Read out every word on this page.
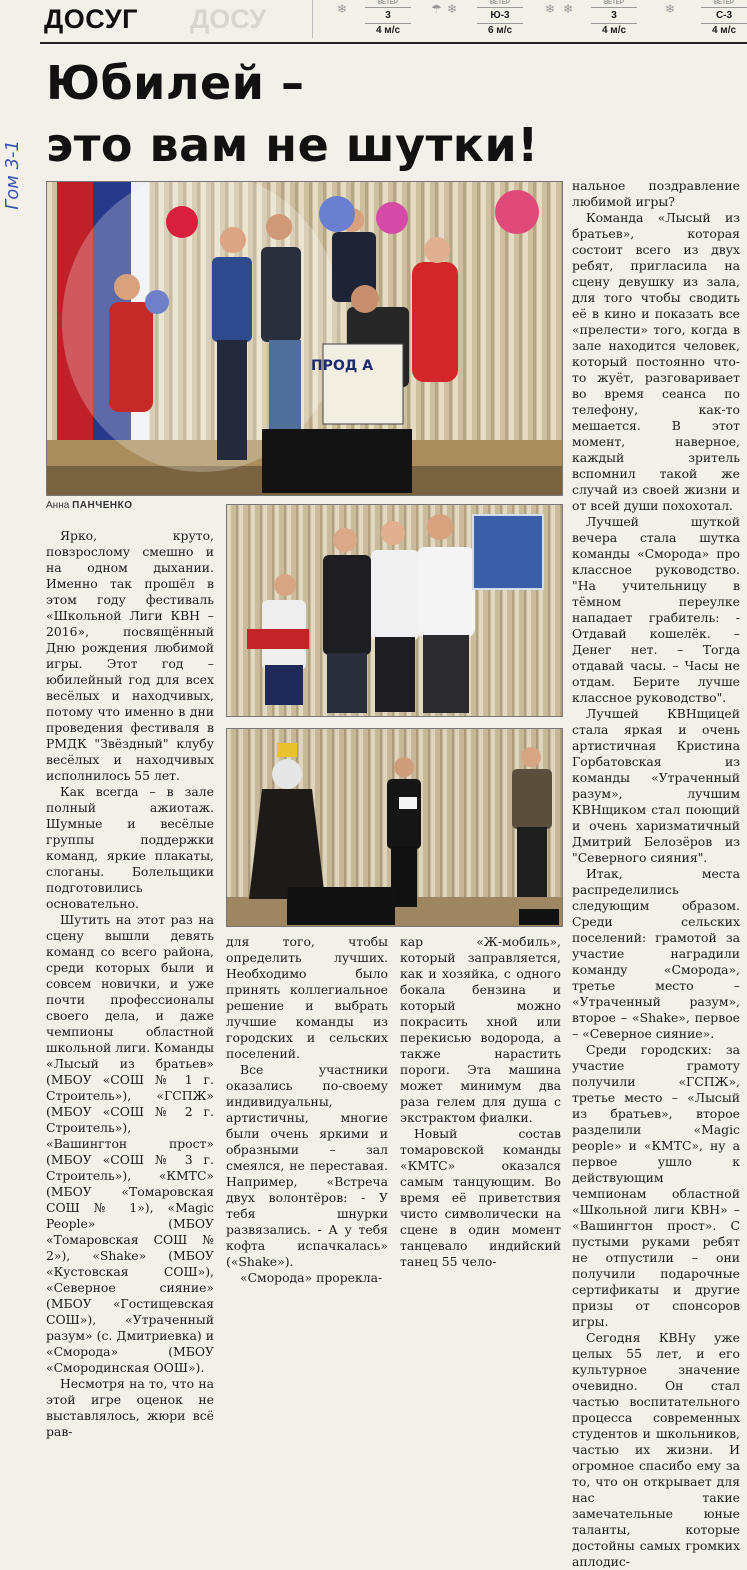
ДОСУГ ДОСУ	❄	ВЕТЕР
3
4 м/с
☂ ❄	ВЕТЕР
Ю-3
6 м/с
❄ ❄	ВЕТЕР
3
4 м/с
❄	ВЕТЕР
С-3
4 м/с
Гом 3-1
Юбилей –
это вам не шутки!
ПРОД А
Анна ПАНЧЕНКО

Ярко, круто, повзрослому смешно и на одном дыхании. Именно так прошёл в этом году фестиваль «Школьной Лиги КВН – 2016», посвящённый Дню рождения любимой игры. Этот год – юбилейный год для всех весёлых и находчивых, потому что именно в дни проведения фестиваля в РМДК "Звёздный" клубу весёлых и находчивых исполнилось 55 лет.

Как всегда – в зале полный ажиотаж. Шумные и весёлые группы поддержки команд, яркие плакаты, слоганы. Болельщики подготовились основательно.

Шутить на этот раз на сцену вышли девять команд со всего района, среди которых были и совсем новички, и уже почти профессионалы своего дела, и даже чемпионы областной школьной лиги. Команды «Лысый из братьев» (МБОУ «СОШ № 1 г. Строитель»), «ГСПЖ» (МБОУ «СОШ № 2 г. Строитель»), «Вашингтон прост» (МБОУ «СОШ № 3 г. Строитель»), «КМТС» (МБОУ «Томаровская СОШ № 1»), «Magic People» (МБОУ «Томаровская СОШ № 2»), «Shake» (МБОУ «Кустовская СОШ»), «Северное сияние» (МБОУ «Гостищевская СОШ»), «Утраченный разум» (с. Дмитриевка) и «Сморода» (МБОУ «Смородинская ООШ»).

Несмотря на то, что на этой игре оценок не выставлялось, жюри всё рав-

для того, чтобы определить лучших. Необходимо было принять коллегиальное решение и выбрать лучшие команды из городских и сельских поселений.

Все участники оказались по-своему индивидуальны, артистичны, многие были очень яркими и образными – зал смеялся, не переставая. Например, «Встреча двух волонтёров: - У тебя шнурки развязались. - А у тебя кофта испачкалась» («Shake»).

«Сморода» прорекла-

кар «Ж-мобиль», который заправляется, как и хозяйка, с одного бокала бензина и который можно покрасить хной или перекисью водорода, а также нарастить пороги. Эта машина может минимум два раза гелем для душа с экстрактом фиалки.

Новый состав томаровской команды «КМТС» оказался самым танцующим. Во время её приветствия чисто символически на сцене в один момент танцевало индийский танец 55 чело-

нальное поздравление любимой игры?

Команда «Лысый из братьев», которая состоит всего из двух ребят, пригласила на сцену девушку из зала, для того чтобы сводить её в кино и показать все «прелести» того, когда в зале находится человек, который постоянно что-то жуёт, разговаривает во время сеанса по телефону, как-то мешается. В этот момент, наверное, каждый зритель вспомнил такой же случай из своей жизни и от всей души похохотал.

Лучшей шуткой вечера стала шутка команды «Сморода» про классное руководство. "На учительницу в тёмном переулке нападает грабитель: - Отдавай кошелёк. – Денег нет. – Тогда отдавай часы. – Часы не отдам. Берите лучше классное руководство".

Лучшей КВНщицей стала яркая и очень артистичная Кристина Горбатовская из команды «Утраченный разум», лучшим КВНщиком стал поющий и очень харизматичный Дмитрий Белозёров из "Северного сияния".

Итак, места распределились следующим образом. Среди сельских поселений: грамотой за участие наградили команду «Смородa», третье место – «Утраченный разум», второе – «Shake», первое – «Северное сияние».

Среди городских: за участие грамоту получили «ГСПЖ», третье место – «Лысый из братьев», второе разделили «Magic people» и «КМТС», ну а первое ушло к действующим чемпионам областной «Школьной лиги КВН» – «Вашингтон прост». С пустыми руками ребят не отпустили – они получили подарочные сертификаты и другие призы от спонсоров игры.

Сегодня КВНу уже целых 55 лет, и его культурное значение очевидно. Он стал частью воспитательного процесса современных студентов и школьников, частью их жизни. И огромное спасибо ему за то, что он открывает для нас такие замечательные юные таланты, которые достойны самых громких аплодис-
